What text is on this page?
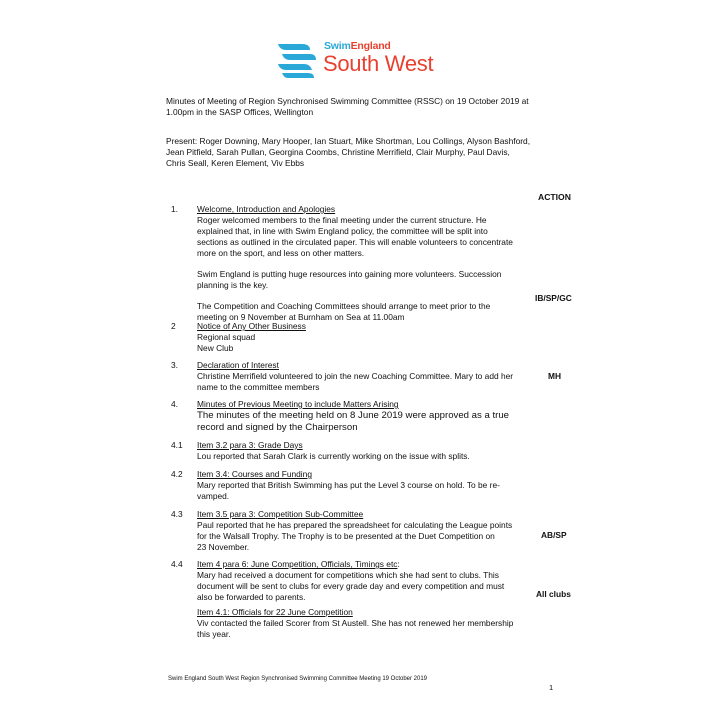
SwimEngland
South West

Minutes of Meeting of Region Synchronised Swimming Committee (RSSC) on 19 October 2019 at

1.00pm in the SASP Offices, Wellington

Present: Roger Downing, Mary Hooper, Ian Stuart, Mike Shortman, Lou Collings, Alyson Bashford,

Jean Pitfield, Sarah Pullan, Georgina Coombs, Christine Merrifield, Clair Murphy, Paul Davis,

Chris Seall, Keren Element, Viv Ebbs

ACTION
1. Welcome, Introduction and Apologies

Roger welcomed members to the final meeting under the current structure. He

explained that, in line with Swim England policy, the committee will be split into

sections as outlined in the circulated paper. This will enable volunteers to concentrate

more on the sport, and less on other matters.

Swim England is putting huge resources into gaining more volunteers. Succession

planning is the key.

The Competition and Coaching Committees should arrange to meet prior to the

meeting on 9 November at Burnham on Sea at 11.00am

IB/SP/GC
2	Notice of Any Other Business

Regional squad

New Club

3. Declaration of Interest

Christine Merrifield volunteered to join the new Coaching Committee. Mary to add her

name to the committee members

MH
4. Minutes of Previous Meeting to include Matters Arising

The minutes of the meeting held on 8 June 2019 were approved as a true

record and signed by the Chairperson

4.1 Item 3.2 para 3: Grade Days

Lou reported that Sarah Clark is currently working on the issue with splits.

4.2 Item 3.4: Courses and Funding

Mary reported that British Swimming has put the Level 3 course on hold. To be re-

vamped.

4.3 Item 3.5 para 3: Competition Sub-Committee

Paul reported that he has prepared the spreadsheet for calculating the League points

for the Walsall Trophy. The Trophy is to be presented at the Duet Competition on

23 November.

AB/SP
4.4 Item 4 para 6: June Competition, Officials, Timings etc:

Mary had received a document for competitions which she had sent to clubs. This

document will be sent to clubs for every grade day and every competition and must

also be forwarded to parents.	All clubs

Item 4.1: Officials for 22 June Competition

Viv contacted the failed Scorer from St Austell. She has not renewed her membership

this year.

Swim England South West Region Synchronised Swimming Committee Meeting 19 October 2019
1
